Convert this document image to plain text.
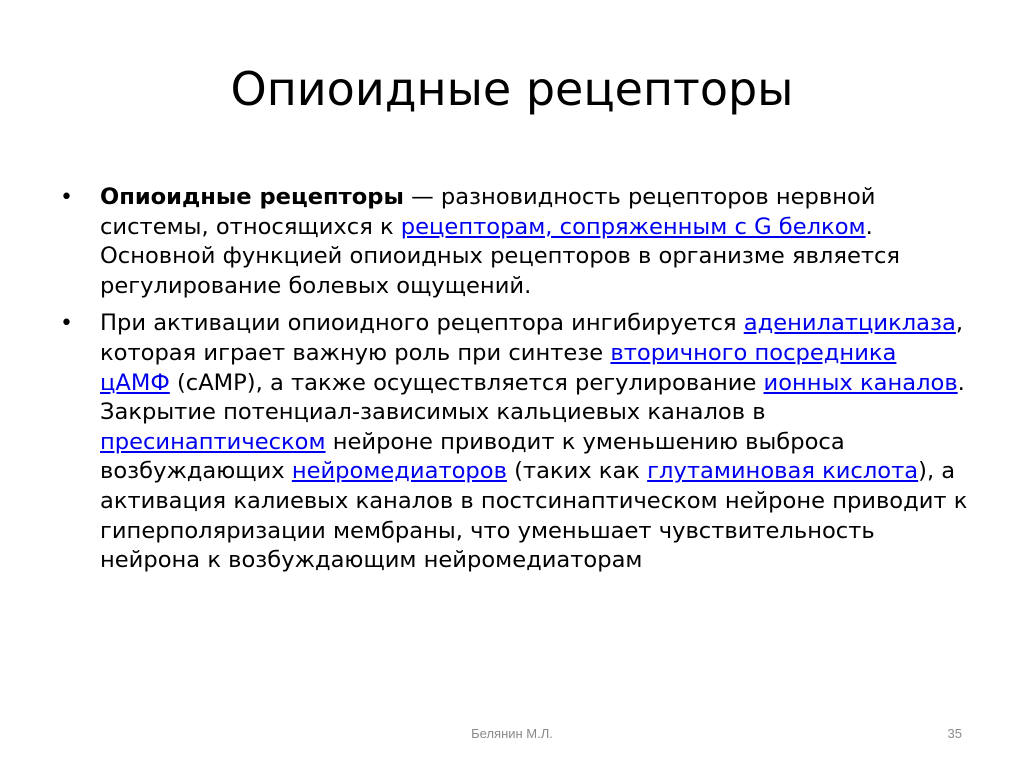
Опиоидные рецепторы
• Опиоидные рецепторы — разновидность рецепторов нервной системы, относящихся к рецепторам, сопряженным с G белком. Основной функцией опиоидных рецепторов в организме является регулирование болевых ощущений.
• При активации опиоидного рецептора ингибируется аденилатциклаза, которая играет важную роль при синтезе вторичного посредника цАМФ (cAMP), а также осуществляется регулирование ионных каналов. Закрытие потенциал-зависимых кальциевых каналов в пресинаптическом нейроне приводит к уменьшению выброса возбуждающих нейромедиаторов (таких как глутаминовая кислота), а активация калиевых каналов в постсинаптическом нейроне приводит к гиперполяризации мембраны, что уменьшает чувствительность нейрона к возбуждающим нейромедиаторам
Белянин М.Л.	35
